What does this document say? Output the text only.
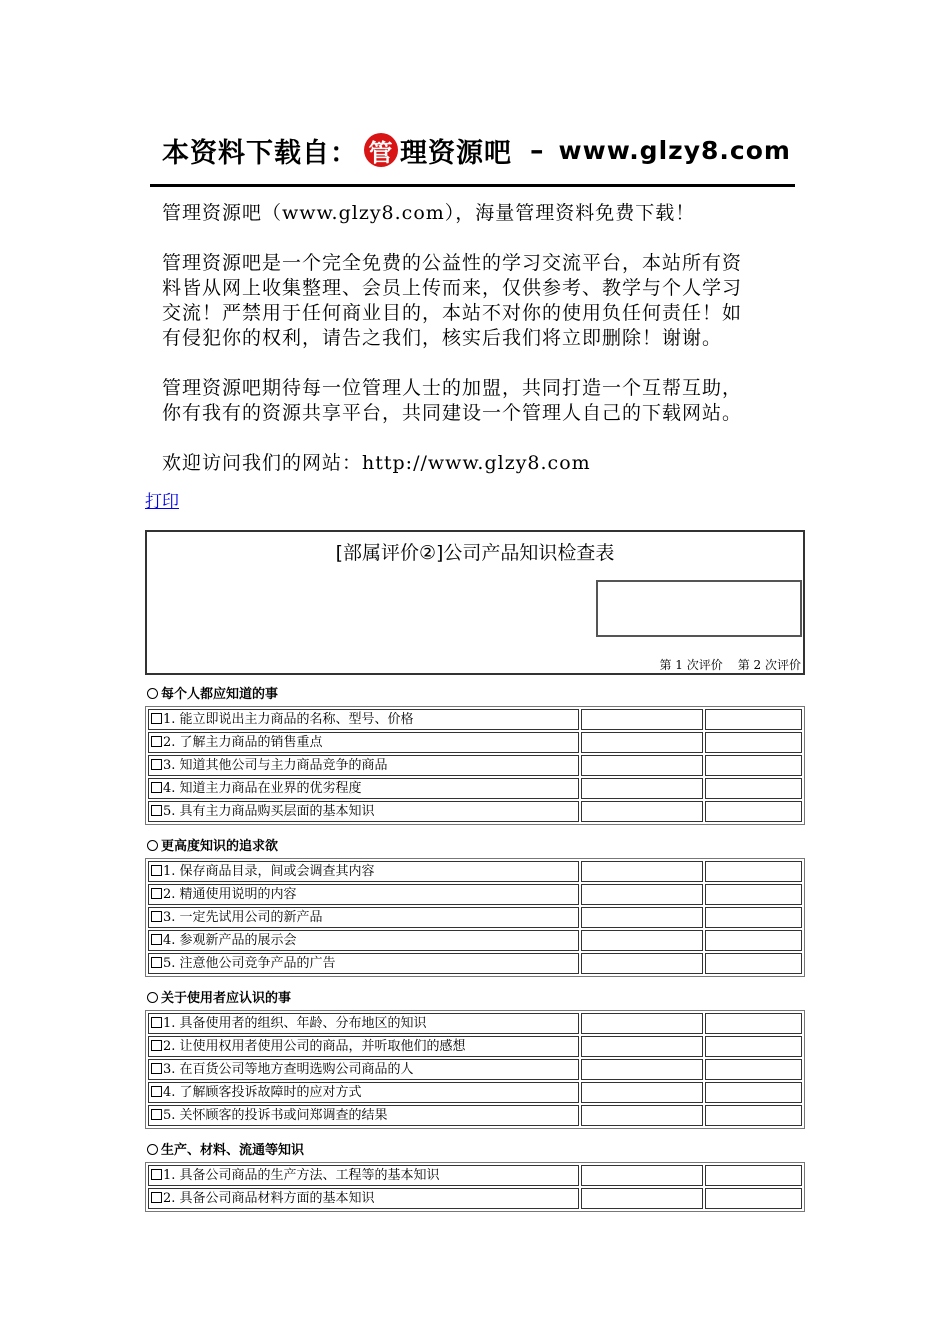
本资料下载自： 管 理资源吧 – www.glzy8.com

管理资源吧（www.glzy8.com），海量管理资料免费下载！

管理资源吧是一个完全免费的公益性的学习交流平台，本站所有资
料皆从网上收集整理、会员上传而来，仅供参考、教学与个人学习
交流！严禁用于任何商业目的，本站不对你的使用负任何责任！如
有侵犯你的权利，请告之我们，核实后我们将立即删除！谢谢。

管理资源吧期待每一位管理人士的加盟，共同打造一个互帮互助，
你有我有的资源共享平台，共同建设一个管理人自己的下载网站。

欢迎访问我们的网站：http://www.glzy8.com

打印
[部属评价②]公司产品知识检查表
第 1 次评价 第 2 次评价
每个人都应知道的事
1. 能立即说出主力商品的名称、型号、价格		
2. 了解主力商品的销售重点		
3. 知道其他公司与主力商品竞争的商品		
4. 知道主力商品在业界的优劣程度		
5. 具有主力商品购买层面的基本知识		
更高度知识的追求欲
1. 保存商品目录，间或会调查其内容		
2. 精通使用说明的内容		
3. 一定先试用公司的新产品		
4. 参观新产品的展示会		
5. 注意他公司竞争产品的广告		
关于使用者应认识的事
1. 具备使用者的组织、年龄、分布地区的知识		
2. 让使用权用者使用公司的商品，并听取他们的感想		
3. 在百货公司等地方查明选购公司商品的人		
4. 了解顾客投诉故障时的应对方式		
5. 关怀顾客的投诉书或问郑调查的结果		
生产、材料、流通等知识
1. 具备公司商品的生产方法、工程等的基本知识		
2. 具备公司商品材料方面的基本知识		
